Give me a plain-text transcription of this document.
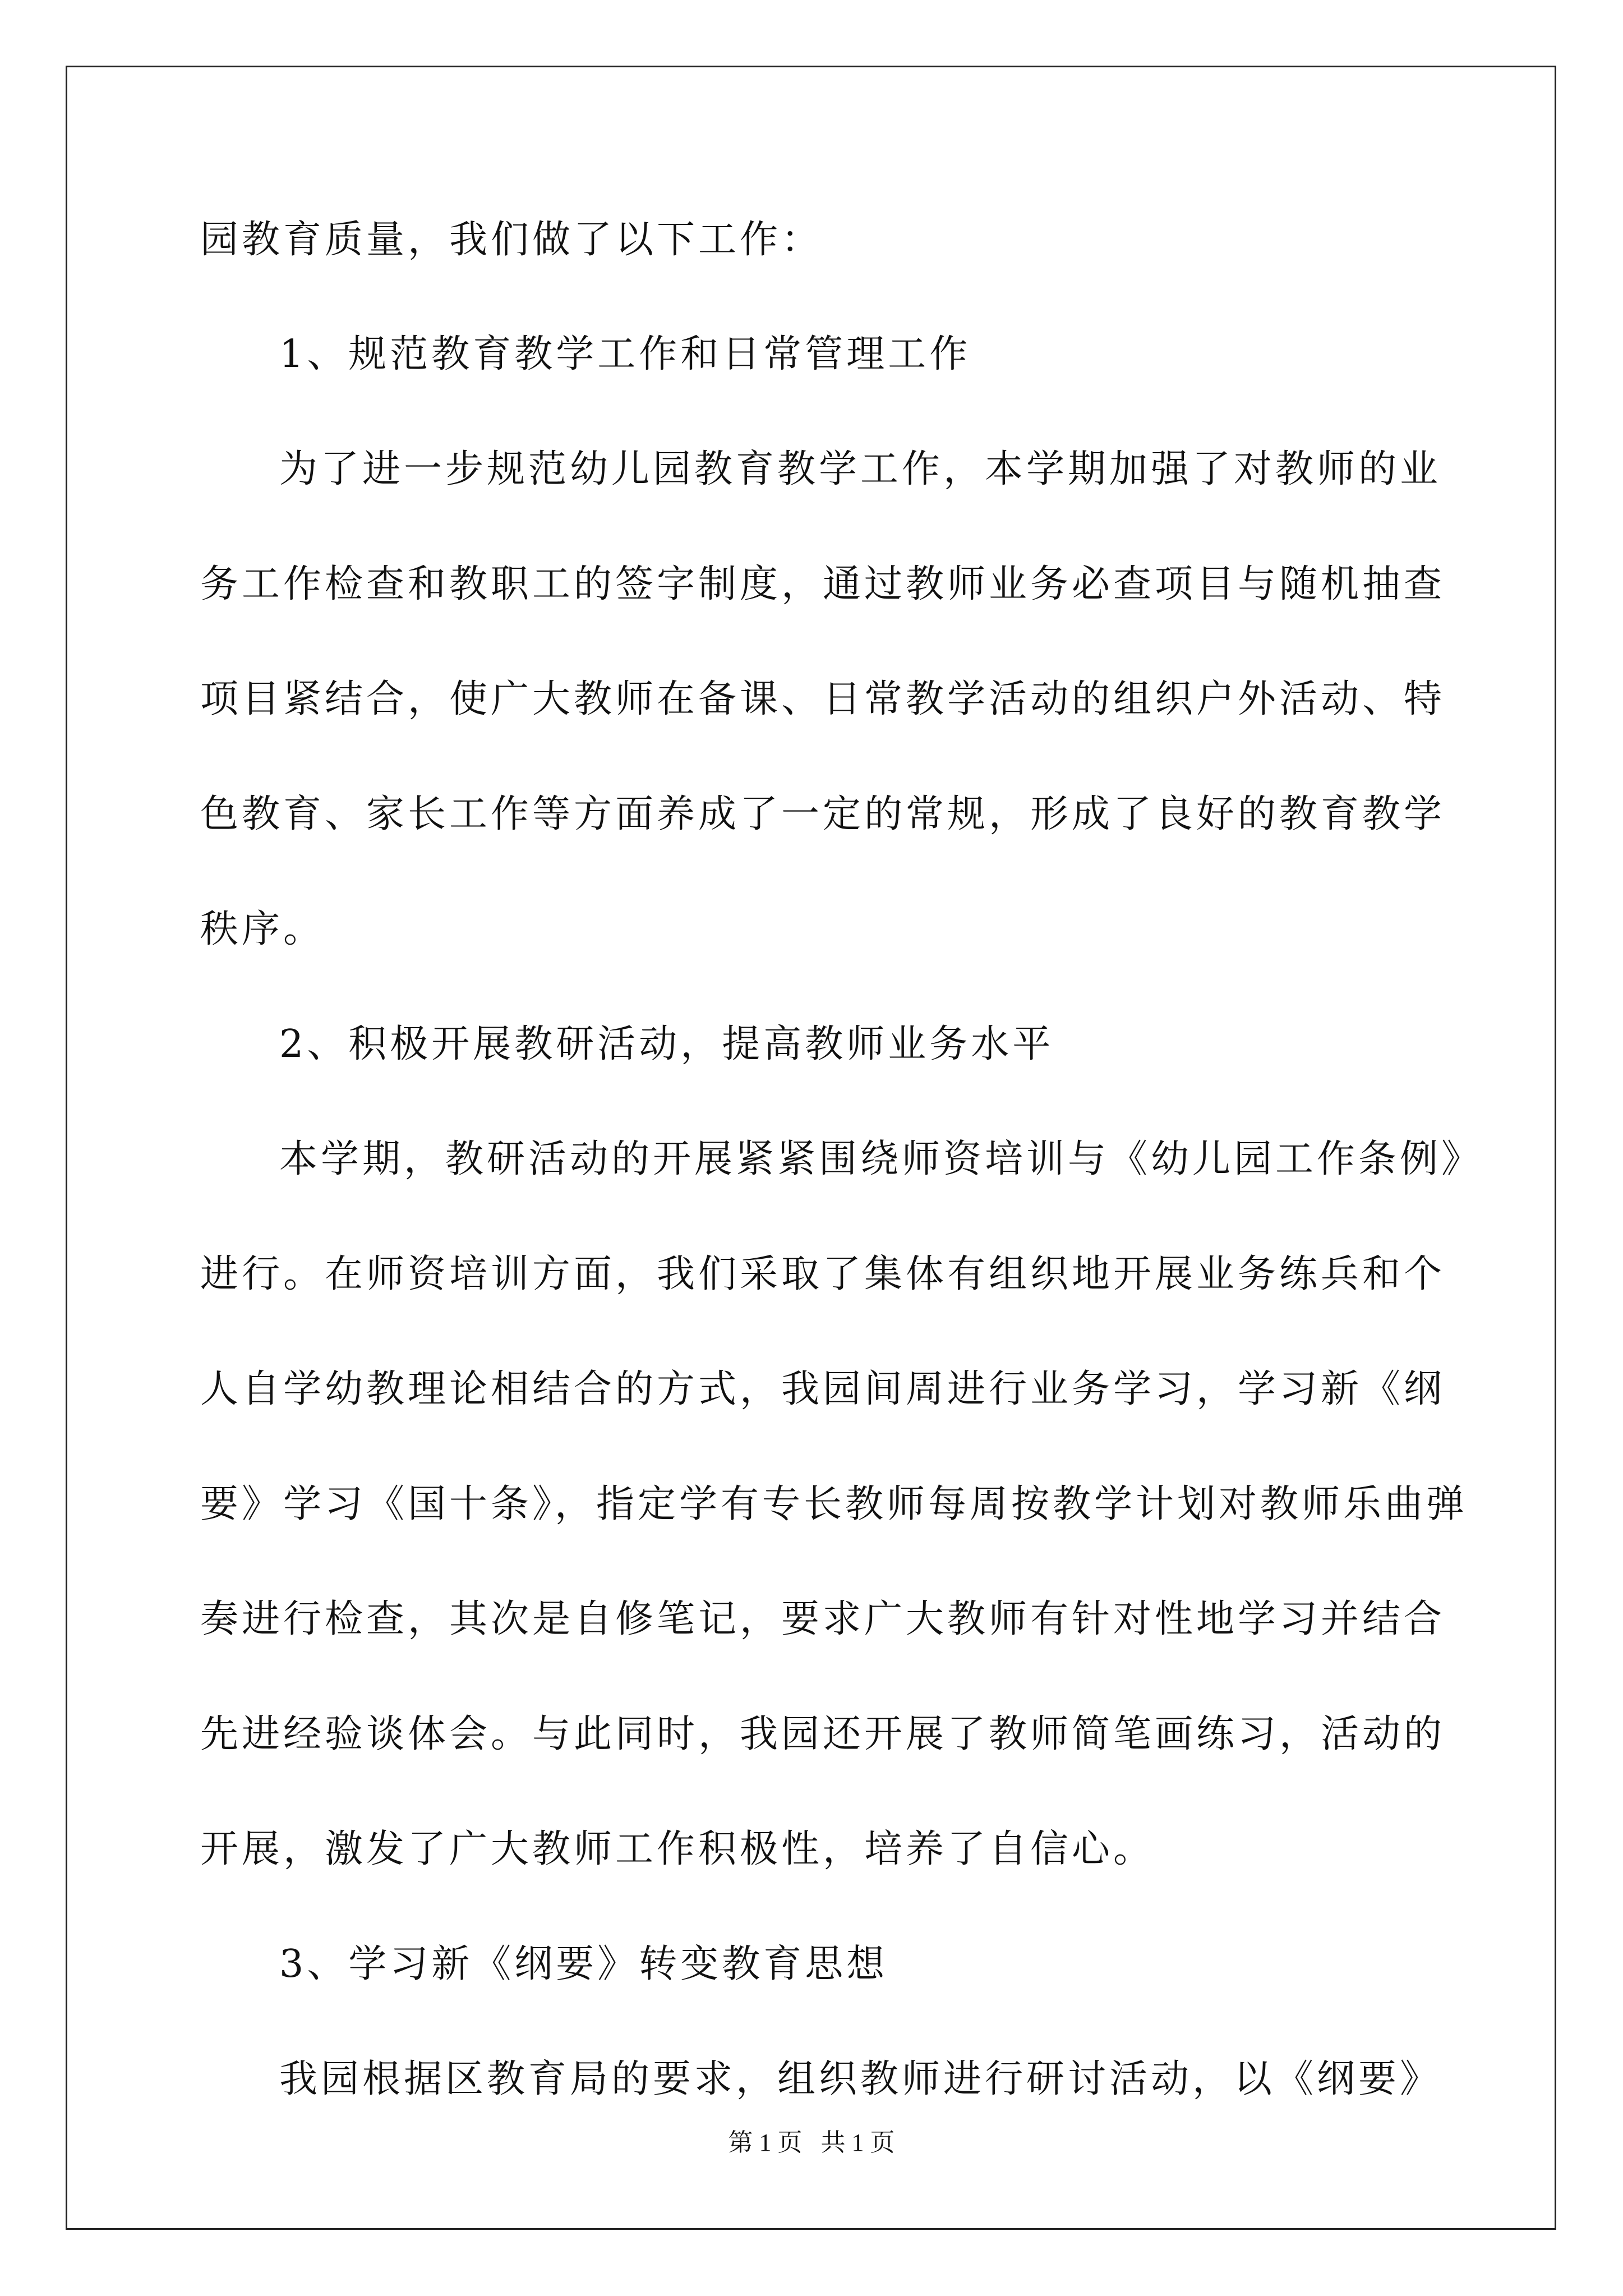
园教育质量，我们做了以下工作：
1、规范教育教学工作和日常管理工作
为了进一步规范幼儿园教育教学工作，本学期加强了对教师的业
务工作检查和教职工的签字制度，通过教师业务必查项目与随机抽查
项目紧结合，使广大教师在备课、日常教学活动的组织户外活动、特
色教育、家长工作等方面养成了一定的常规，形成了良好的教育教学
秩序。
2、积极开展教研活动，提高教师业务水平
本学期，教研活动的开展紧紧围绕师资培训与《幼儿园工作条例》
进行。在师资培训方面，我们采取了集体有组织地开展业务练兵和个
人自学幼教理论相结合的方式，我园间周进行业务学习，学习新《纲
要》学习《国十条》，指定学有专长教师每周按教学计划对教师乐曲弹
奏进行检查，其次是自修笔记，要求广大教师有针对性地学习并结合
先进经验谈体会。与此同时，我园还开展了教师简笔画练习，活动的
开展，激发了广大教师工作积极性，培养了自信心。
3、学习新《纲要》转变教育思想
我园根据区教育局的要求，组织教师进行研讨活动，以《纲要》
第 1 页   共 1 页
